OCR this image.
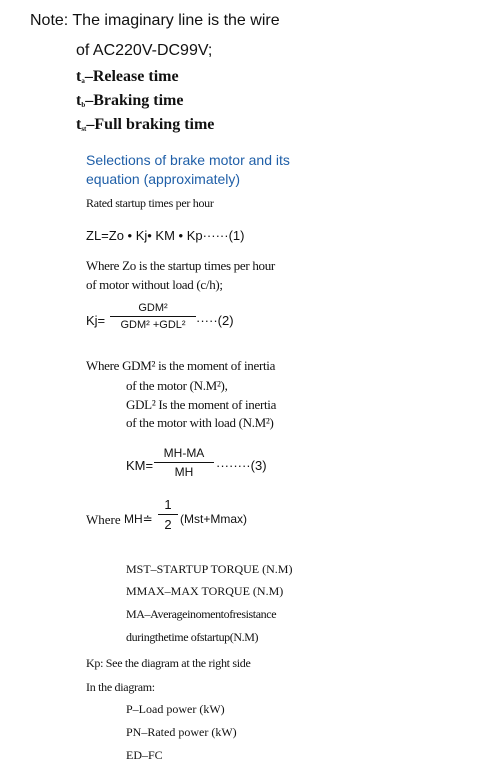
Note: The imaginary line is the wire
of AC220V-DC99V;
$t_a$–Release time
$t_b$–Braking time
$t_{st}$–Full braking time
Selections of brake motor and its
equation (approximately)
Rated startup times per hour
ZL=Zo • Kj• KM • Kp······(1)
Where Zo is the startup times per hour
of motor without load (c/h);
Kj=
GDM²
GDM² +GDL² ·····(2)
Where GDM² is the moment of inertia
of the motor (N.M²),
GDL² Is the moment of inertia
of the motor with load (N.M²)
KM=
MH-MA
MH	········(3)
Where MH≐
1
2 (Mst+Mmax)
MST–STARTUP TORQUE (N.M)
MMAX–MAX TORQUE (N.M)
MA–Averageinomentofresistance
duringthetime ofstartup(N.M)
Kp: See the diagram at the right side
In the diagram:
P–Load power (kW)
PN–Rated power (kW)
ED–FC
